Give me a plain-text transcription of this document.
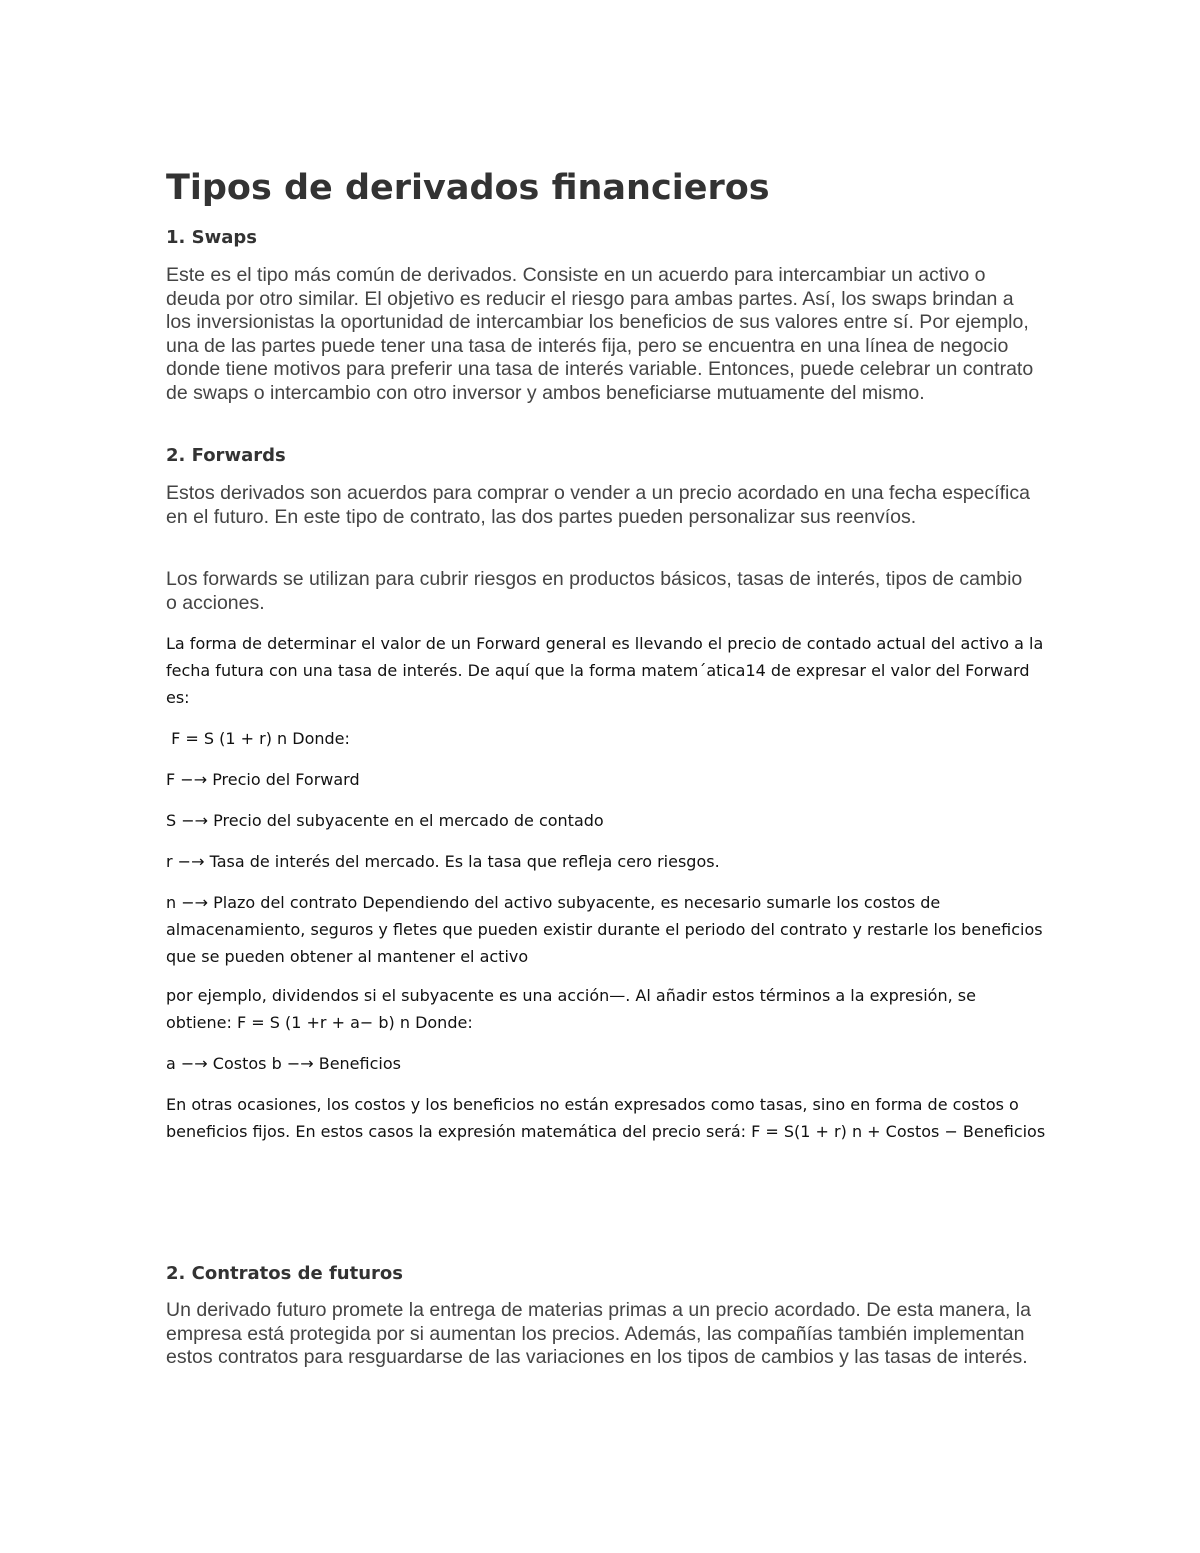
Tipos de derivados financieros
1. Swaps

Este es el tipo más común de derivados. Consiste en un acuerdo para intercambiar un activo o deuda por otro similar. El objetivo es reducir el riesgo para ambas partes. Así, los swaps brindan a los inversionistas la oportunidad de intercambiar los beneficios de sus valores entre sí. Por ejemplo, una de las partes puede tener una tasa de interés fija, pero se encuentra en una línea de negocio donde tiene motivos para preferir una tasa de interés variable. Entonces, puede celebrar un contrato de swaps o intercambio con otro inversor y ambos beneficiarse mutuamente del mismo.

2. Forwards

Estos derivados son acuerdos para comprar o vender a un precio acordado en una fecha específica en el futuro. En este tipo de contrato, las dos partes pueden personalizar sus reenvíos.

Los forwards se utilizan para cubrir riesgos en productos básicos, tasas de interés, tipos de cambio o acciones.

La forma de determinar el valor de un Forward general es llevando el precio de contado actual del activo a la fecha futura con una tasa de interés. De aquí que la forma matem´atica14 de expresar el valor del Forward es:

F = S (1 + r) n Donde:

F −→ Precio del Forward

S −→ Precio del subyacente en el mercado de contado

r −→ Tasa de interés del mercado. Es la tasa que refleja cero riesgos.

n −→ Plazo del contrato Dependiendo del activo subyacente, es necesario sumarle los costos de almacenamiento, seguros y fletes que pueden existir durante el periodo del contrato y restarle los beneficios que se pueden obtener al mantener el activo

por ejemplo, dividendos si el subyacente es una acción—. Al añadir estos términos a la expresión, se obtiene: F = S (1 +r + a− b) n Donde:

a −→ Costos b −→ Beneficios

En otras ocasiones, los costos y los beneficios no están expresados como tasas, sino en forma de costos o beneficios fijos. En estos casos la expresión matemática del precio será: F = S(1 + r) n + Costos − Beneficios

2. Contratos de futuros

Un derivado futuro promete la entrega de materias primas a un precio acordado. De esta manera, la empresa está protegida por si aumentan los precios. Además, las compañías también implementan estos contratos para resguardarse de las variaciones en los tipos de cambios y las tasas de interés.
